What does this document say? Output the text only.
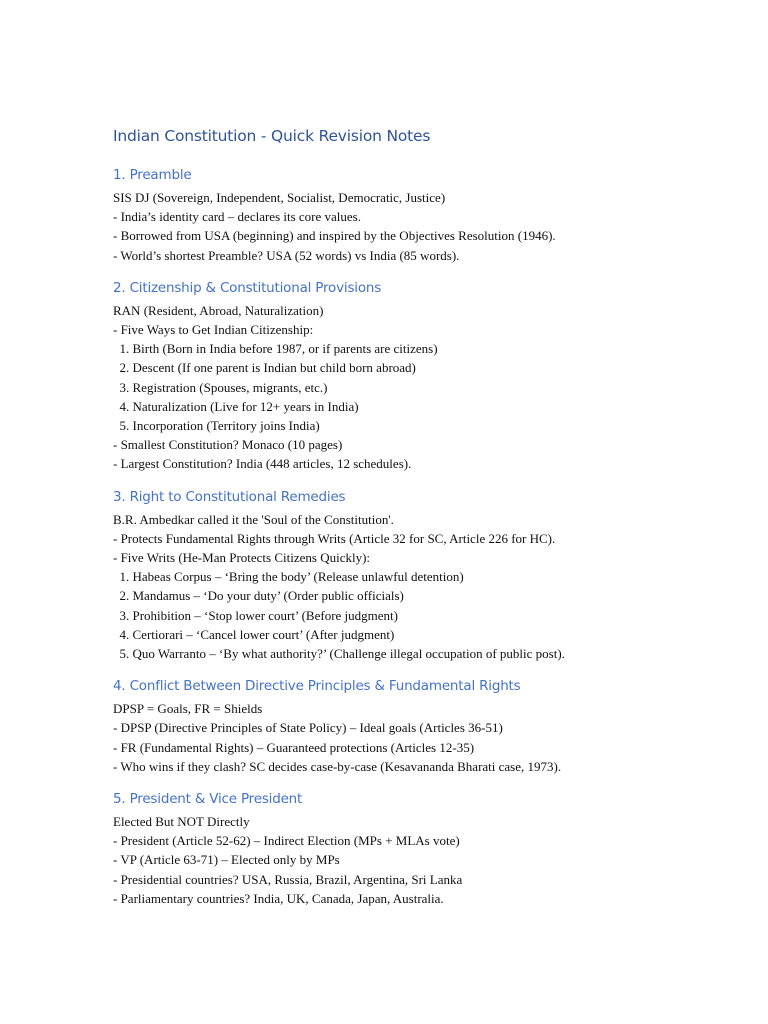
Indian Constitution - Quick Revision Notes
1. Preamble
SIS DJ (Sovereign, Independent, Socialist, Democratic, Justice)
- India’s identity card – declares its core values.
- Borrowed from USA (beginning) and inspired by the Objectives Resolution (1946).
- World’s shortest Preamble? USA (52 words) vs India (85 words).
2. Citizenship & Constitutional Provisions
RAN (Resident, Abroad, Naturalization)
- Five Ways to Get Indian Citizenship:
1. Birth (Born in India before 1987, or if parents are citizens)
2. Descent (If one parent is Indian but child born abroad)
3. Registration (Spouses, migrants, etc.)
4. Naturalization (Live for 12+ years in India)
5. Incorporation (Territory joins India)
- Smallest Constitution? Monaco (10 pages)
- Largest Constitution? India (448 articles, 12 schedules).
3. Right to Constitutional Remedies
B.R. Ambedkar called it the 'Soul of the Constitution'.
- Protects Fundamental Rights through Writs (Article 32 for SC, Article 226 for HC).
- Five Writs (He-Man Protects Citizens Quickly):
1. Habeas Corpus – ‘Bring the body’ (Release unlawful detention)
2. Mandamus – ‘Do your duty’ (Order public officials)
3. Prohibition – ‘Stop lower court’ (Before judgment)
4. Certiorari – ‘Cancel lower court’ (After judgment)
5. Quo Warranto – ‘By what authority?’ (Challenge illegal occupation of public post).
4. Conflict Between Directive Principles & Fundamental Rights
DPSP = Goals, FR = Shields
- DPSP (Directive Principles of State Policy) – Ideal goals (Articles 36-51)
- FR (Fundamental Rights) – Guaranteed protections (Articles 12-35)
- Who wins if they clash? SC decides case-by-case (Kesavananda Bharati case, 1973).
5. President & Vice President
Elected But NOT Directly
- President (Article 52-62) – Indirect Election (MPs + MLAs vote)
- VP (Article 63-71) – Elected only by MPs
- Presidential countries? USA, Russia, Brazil, Argentina, Sri Lanka
- Parliamentary countries? India, UK, Canada, Japan, Australia.
